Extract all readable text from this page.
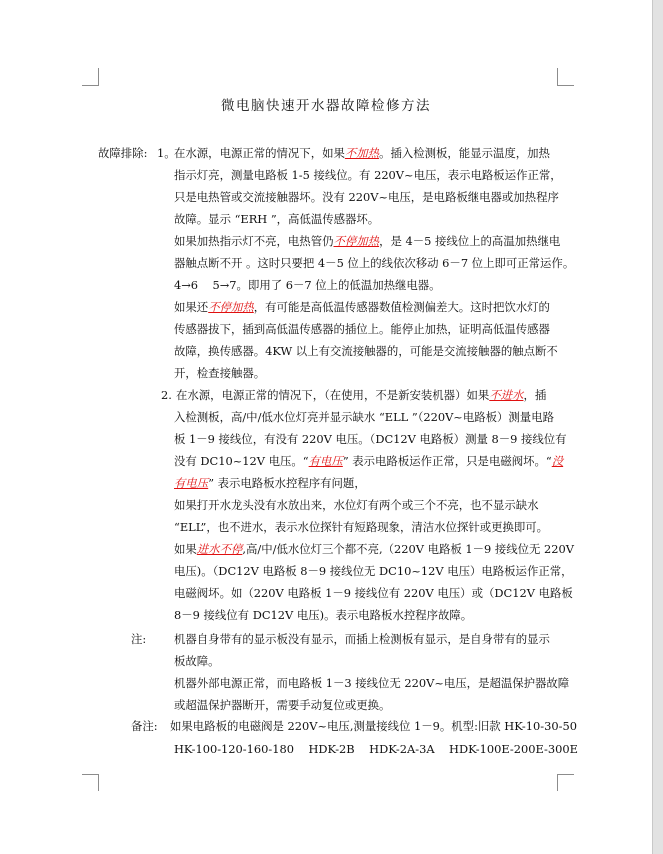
微电脑快速开水器故障检修方法
故障排除: 1。
2.
注:
备注:
在水源，电源正常的情况下，如果不加热。插入检测板，能显示温度，加热
指示灯亮，测量电路板 1-5 接线位。有 220V~电压，表示电路板运作正常，
只是电热管或交流接触器坏。没有 220V~电压，是电路板继电器或加热程序
故障。显示 “ERH ”，高低温传感器坏。
如果加热指示灯不亮，电热管仍不停加热，是 4－5 接线位上的高温加热继电
器触点断不开 。这时只要把 4－5 位上的线依次移动 6－7 位上即可正常运作。
4→6    5→7。即用了 6－7 位上的低温加热继电器。
如果还不停加热，有可能是高低温传感器数值检测偏差大。这时把饮水灯的
传感器拔下，插到高低温传感器的插位上。能停止加热，证明高低温传感器
故障，换传感器。4KW 以上有交流接触器的，可能是交流接触器的触点断不
开，检查接触器。
在水源，电源正常的情况下，（在使用，不是新安装机器）如果不进水，插
入检测板，高/中/低水位灯亮并显示缺水 “ELL ”（220V~电路板）测量电路
板 1－9 接线位，有没有 220V 电压。（DC12V 电路板）测量 8－9 接线位有
没有 DC10~12V 电压。“有电压” 表示电路板运作正常，只是电磁阀坏。“没
有电压” 表示电路板水控程序有问题，
如果打开水龙头没有水放出来，水位灯有两个或三个不亮，也不显示缺水
“ELL”，也不进水，表示水位探针有短路现象，清洁水位探针或更换即可。
如果进水不停,高/中/低水位灯三个都不亮,（220V 电路板 1－9 接线位无 220V
电压)。（DC12V 电路板 8－9 接线位无 DC10~12V 电压）电路板运作正常，
电磁阀坏。如（220V 电路板 1－9 接线位有 220V 电压）或（DC12V 电路板
8－9 接线位有 DC12V 电压)。表示电路板水控程序故障。
机器自身带有的显示板没有显示，而插上检测板有显示，是自身带有的显示
板故障。
机器外部电源正常，而电路板 1－3 接线位无 220V~电压，是超温保护器故障
或超温保护器断开，需要手动复位或更换。
如果电路板的电磁阀是 220V~电压,测量接线位 1－9。机型:旧款 HK-10-30-50
HK-100-120-160-180    HDK-2B    HDK-2A-3A    HDK-100E-200E-300E
